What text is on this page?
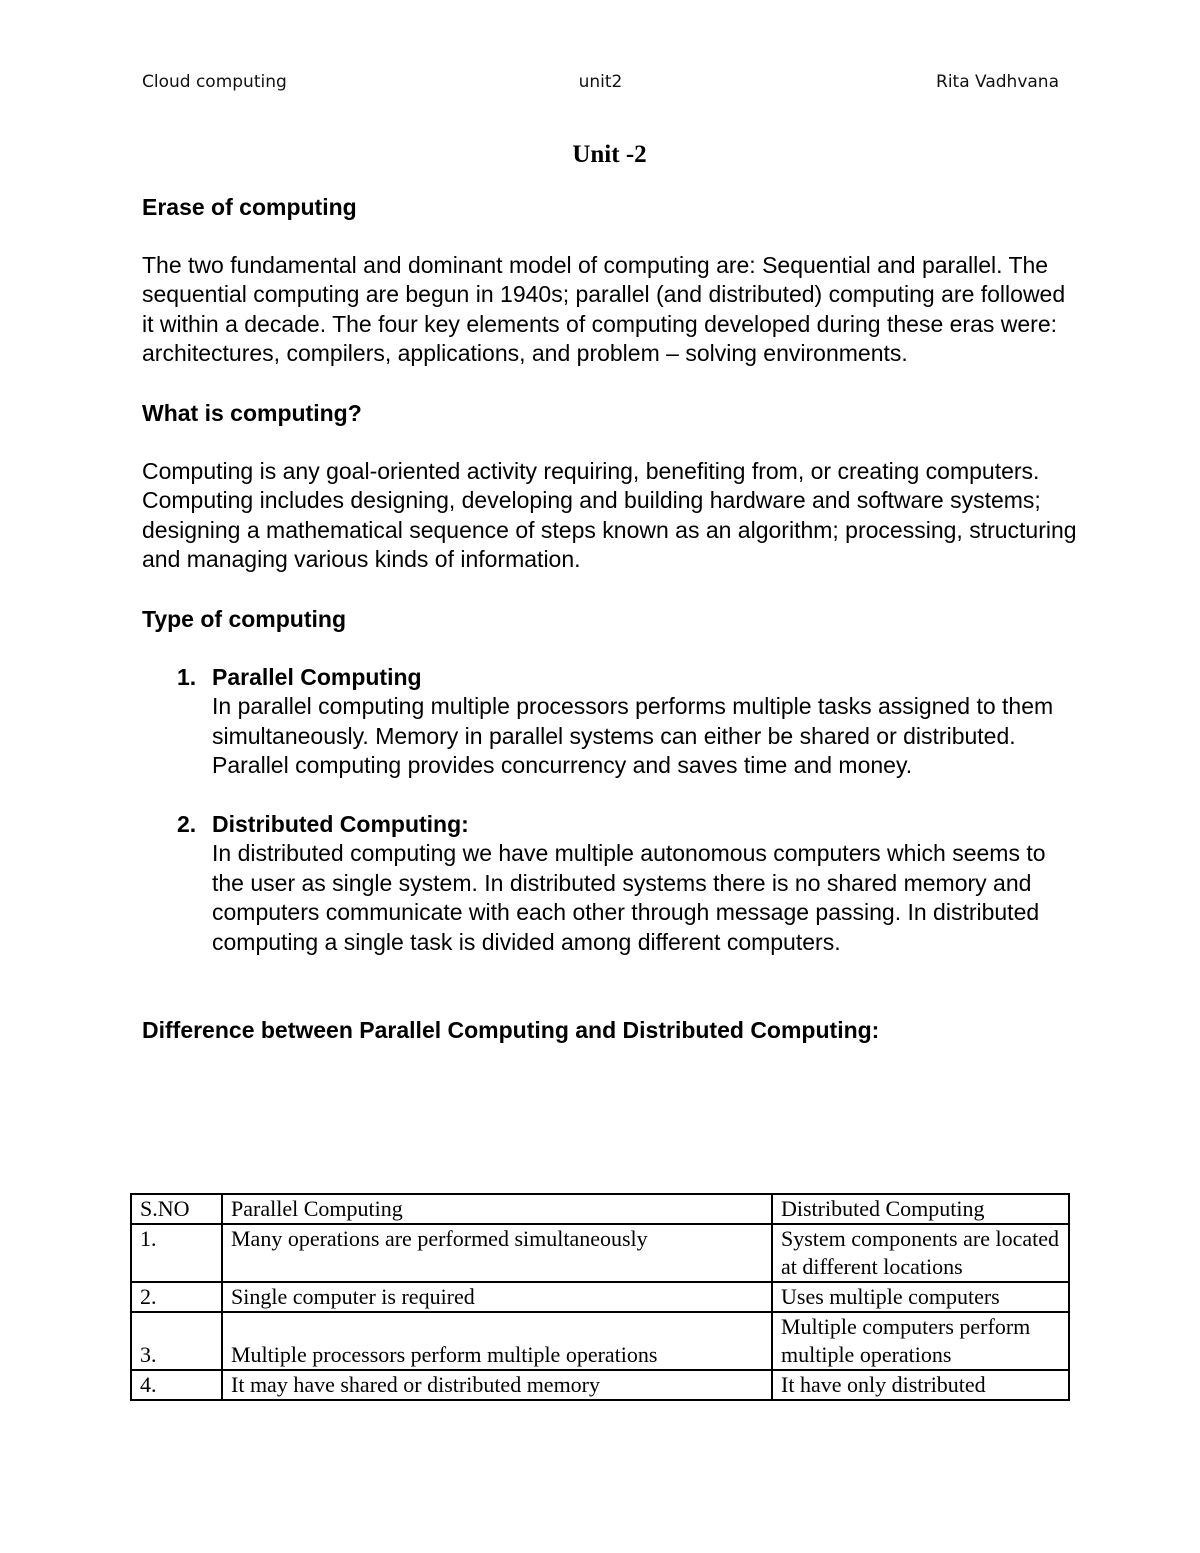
Cloud computing	unit2	Rita Vadhvana
Unit -2
Erase of computing

The two fundamental and dominant model of computing are: Sequential and parallel. The sequential computing are begun in 1940s; parallel (and distributed) computing are followed it within a decade. The four key elements of computing developed during these eras were: architectures, compilers, applications, and problem – solving environments.

What is computing?

Computing is any goal-oriented activity requiring, benefiting from, or creating computers. Computing includes designing, developing and building hardware and software systems; designing a mathematical sequence of steps known as an algorithm; processing, structuring and managing various kinds of information.

Type of computing
1. Parallel Computing
In parallel computing multiple processors performs multiple tasks assigned to them simultaneously. Memory in parallel systems can either be shared or distributed. Parallel computing provides concurrency and saves time and money.
2. Distributed Computing:
In distributed computing we have multiple autonomous computers which seems to the user as single system. In distributed systems there is no shared memory and computers communicate with each other through message passing. In distributed computing a single task is divided among different computers.
Difference between Parallel Computing and Distributed Computing:
S.NO	Parallel Computing	Distributed Computing
1.	Many operations are performed simultaneously	System components are located at different locations
2.	Single computer is required	Uses multiple computers
3.	Multiple processors perform multiple operations	Multiple computers perform multiple operations
4.	It may have shared or distributed memory	It have only distributed
